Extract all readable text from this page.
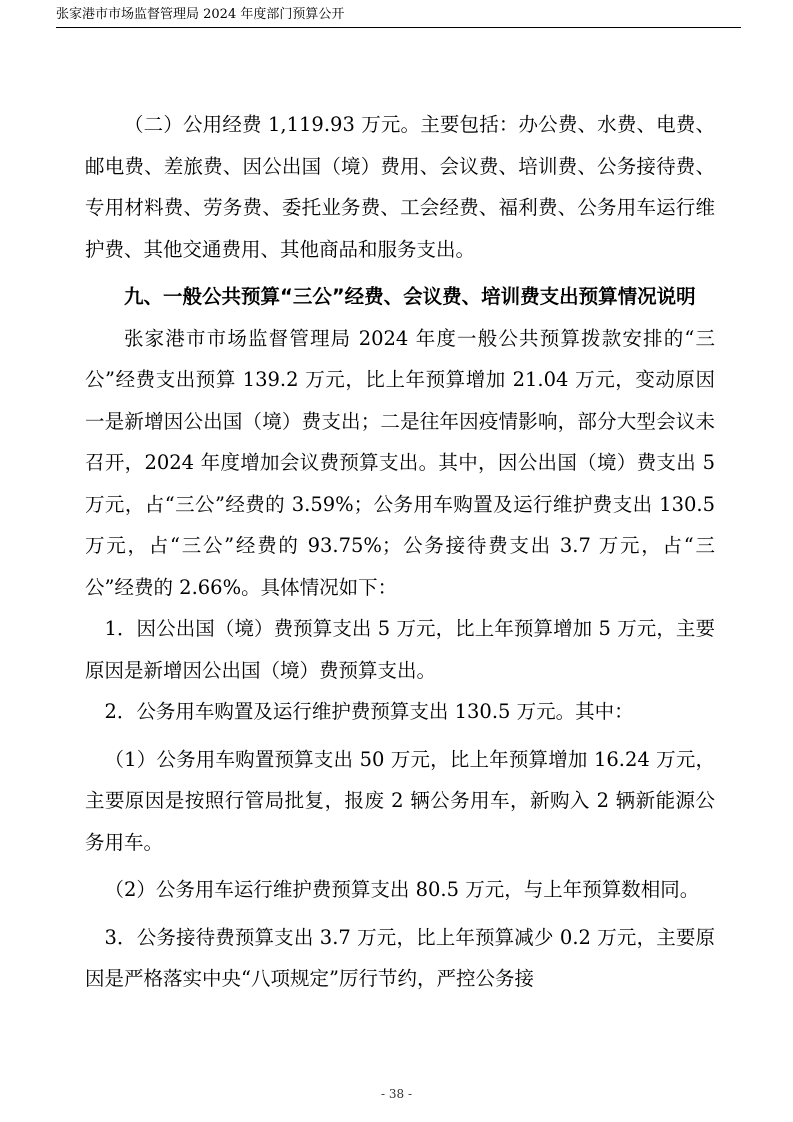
张家港市市场监督管理局 2024 年度部门预算公开

（二）公用经费 1,119.93 万元。主要包括：办公费、水费、电费、邮电费、差旅费、因公出国（境）费用、会议费、培训费、公务接待费、专用材料费、劳务费、委托业务费、工会经费、福利费、公务用车运行维护费、其他交通费用、其他商品和服务支出。

九、一般公共预算“三公”经费、会议费、培训费支出预算情况说明

张家港市市场监督管理局 2024 年度一般公共预算拨款安排的“三公”经费支出预算 139.2 万元，比上年预算增加 21.04 万元，变动原因一是新增因公出国（境）费支出；二是往年因疫情影响，部分大型会议未召开，2024 年度增加会议费预算支出。其中，因公出国（境）费支出 5 万元，占“三公”经费的 3.59%；公务用车购置及运行维护费支出 130.5 万元，占“三公”经费的 93.75%；公务接待费支出 3.7 万元，占“三公”经费的 2.66%。具体情况如下：

1．因公出国（境）费预算支出 5 万元，比上年预算增加 5 万元，主要原因是新增因公出国（境）费预算支出。

2．公务用车购置及运行维护费预算支出 130.5 万元。其中：

（1）公务用车购置预算支出 50 万元，比上年预算增加 16.24 万元，主要原因是按照行管局批复，报废 2 辆公务用车，新购入 2 辆新能源公务用车。

（2）公务用车运行维护费预算支出 80.5 万元，与上年预算数相同。

3．公务接待费预算支出 3.7 万元，比上年预算减少 0.2 万元，主要原因是严格落实中央“八项规定”厉行节约，严控公务接

- 38 -
